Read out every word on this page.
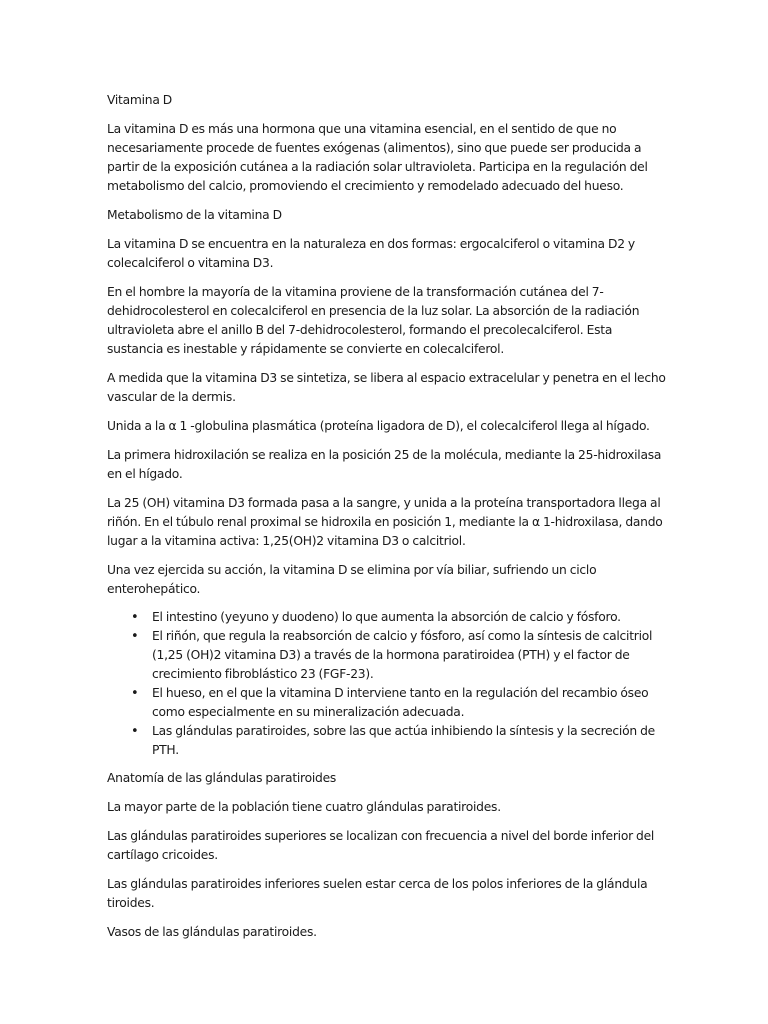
Vitamina D

La vitamina D es más una hormona que una vitamina esencial, en el sentido de que no necesariamente procede de fuentes exógenas (alimentos), sino que puede ser producida a partir de la exposición cutánea a la radiación solar ultravioleta. Participa en la regulación del metabolismo del calcio, promoviendo el crecimiento y remodelado adecuado del hueso.

Metabolismo de la vitamina D

La vitamina D se encuentra en la naturaleza en dos formas: ergocalciferol o vitamina D2 y colecalciferol o vitamina D3.

En el hombre la mayoría de la vitamina proviene de la transformación cutánea del 7-dehidrocolesterol en colecalciferol en presencia de la luz solar. La absorción de la radiación ultravioleta abre el anillo B del 7-dehidrocolesterol, formando el precolecalciferol. Esta sustancia es inestable y rápidamente se convierte en colecalciferol.

A medida que la vitamina D3 se sintetiza, se libera al espacio extracelular y penetra en el lecho vascular de la dermis.

Unida a la α 1 -globulina plasmática (proteína ligadora de D), el colecalciferol llega al hígado.

La primera hidroxilación se realiza en la posición 25 de la molécula, mediante la 25-hidroxilasa en el hígado.

La 25 (OH) vitamina D3 formada pasa a la sangre, y unida a la proteína transportadora llega al riñón. En el túbulo renal proximal se hidroxila en posición 1, mediante la α 1-hidroxilasa, dando lugar a la vitamina activa: 1,25(OH)2 vitamina D3 o calcitriol.

Una vez ejercida su acción, la vitamina D se elimina por vía biliar, sufriendo un ciclo enterohepático.

• El intestino (yeyuno y duodeno) lo que aumenta la absorción de calcio y fósforo.
• El riñón, que regula la reabsorción de calcio y fósforo, así como la síntesis de calcitriol (1,25 (OH)2 vitamina D3) a través de la hormona paratiroidea (PTH) y el factor de crecimiento fibroblástico 23 (FGF-23).
• El hueso, en el que la vitamina D interviene tanto en la regulación del recambio óseo como especialmente en su mineralización adecuada.
• Las glándulas paratiroides, sobre las que actúa inhibiendo la síntesis y la secreción de PTH.

Anatomía de las glándulas paratiroides

La mayor parte de la población tiene cuatro glándulas paratiroides.

Las glándulas paratiroides superiores se localizan con frecuencia a nivel del borde inferior del cartílago cricoides.

Las glándulas paratiroides inferiores suelen estar cerca de los polos inferiores de la glándula tiroides.

Vasos de las glándulas paratiroides.
